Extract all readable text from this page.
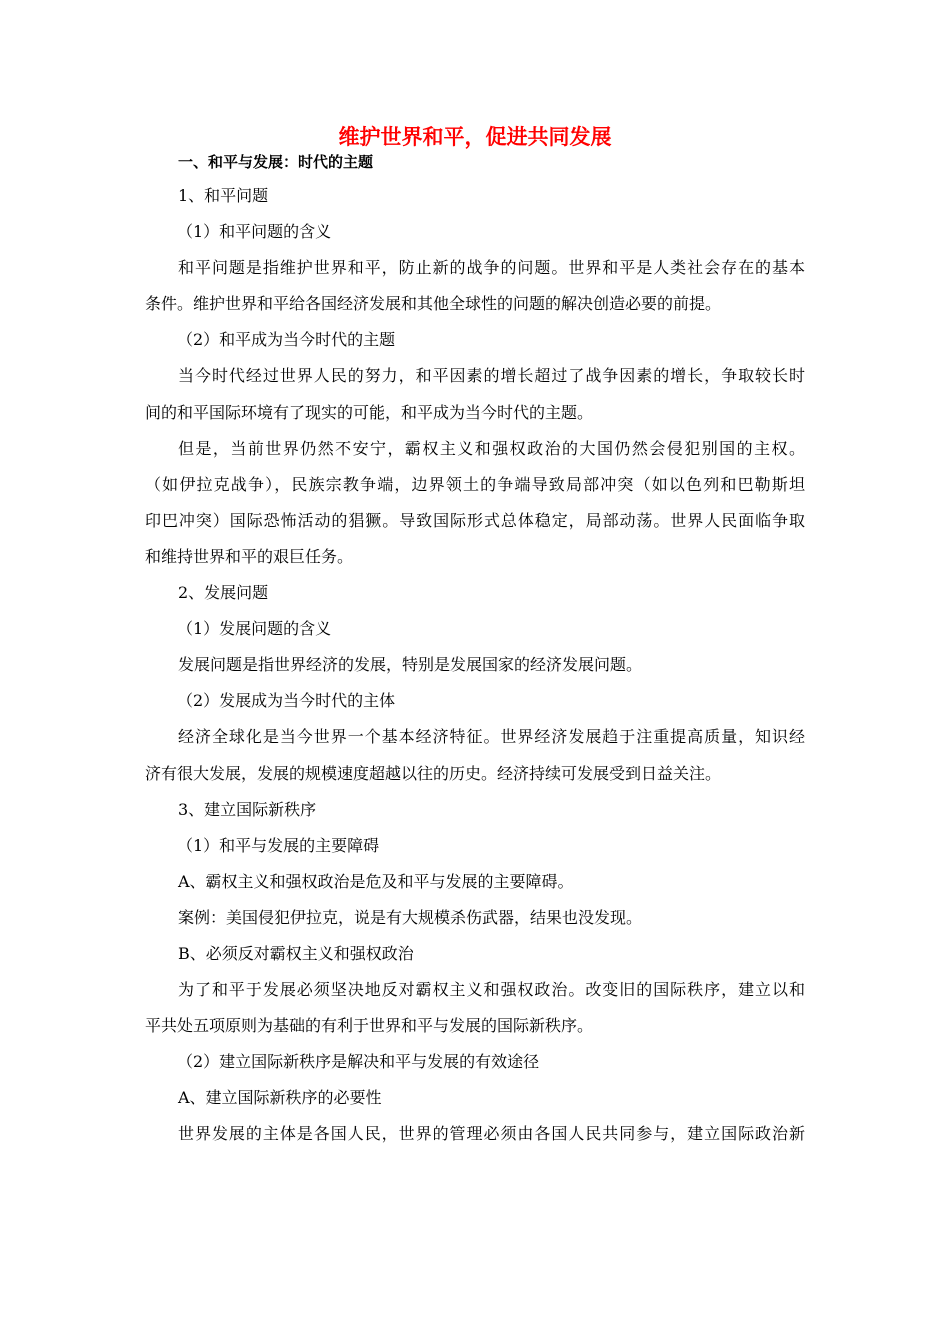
维护世界和平，促进共同发展
一、和平与发展：时代的主题
1、和平问题
（1）和平问题的含义
和平问题是指维护世界和平，防止新的战争的问题。世界和平是人类社会存在的基本
条件。维护世界和平给各国经济发展和其他全球性的问题的解决创造必要的前提。
（2）和平成为当今时代的主题
当今时代经过世界人民的努力，和平因素的增长超过了战争因素的增长，争取较长时
间的和平国际环境有了现实的可能，和平成为当今时代的主题。
但是，当前世界仍然不安宁，霸权主义和强权政治的大国仍然会侵犯别国的主权。
（如伊拉克战争），民族宗教争端，边界领土的争端导致局部冲突（如以色列和巴勒斯坦
印巴冲突）国际恐怖活动的猖獗。导致国际形式总体稳定，局部动荡。世界人民面临争取
和维持世界和平的艰巨任务。
2、发展问题
（1）发展问题的含义
发展问题是指世界经济的发展，特别是发展国家的经济发展问题。
（2）发展成为当今时代的主体
经济全球化是当今世界一个基本经济特征。世界经济发展趋于注重提高质量，知识经
济有很大发展，发展的规模速度超越以往的历史。经济持续可发展受到日益关注。
3、建立国际新秩序
（1）和平与发展的主要障碍
A、霸权主义和强权政治是危及和平与发展的主要障碍。
案例：美国侵犯伊拉克，说是有大规模杀伤武器，结果也没发现。
B、必须反对霸权主义和强权政治
为了和平于发展必须坚决地反对霸权主义和强权政治。改变旧的国际秩序，建立以和
平共处五项原则为基础的有利于世界和平与发展的国际新秩序。
（2）建立国际新秩序是解决和平与发展的有效途径
A、建立国际新秩序的必要性
世界发展的主体是各国人民，世界的管理必须由各国人民共同参与，建立国际政治新
